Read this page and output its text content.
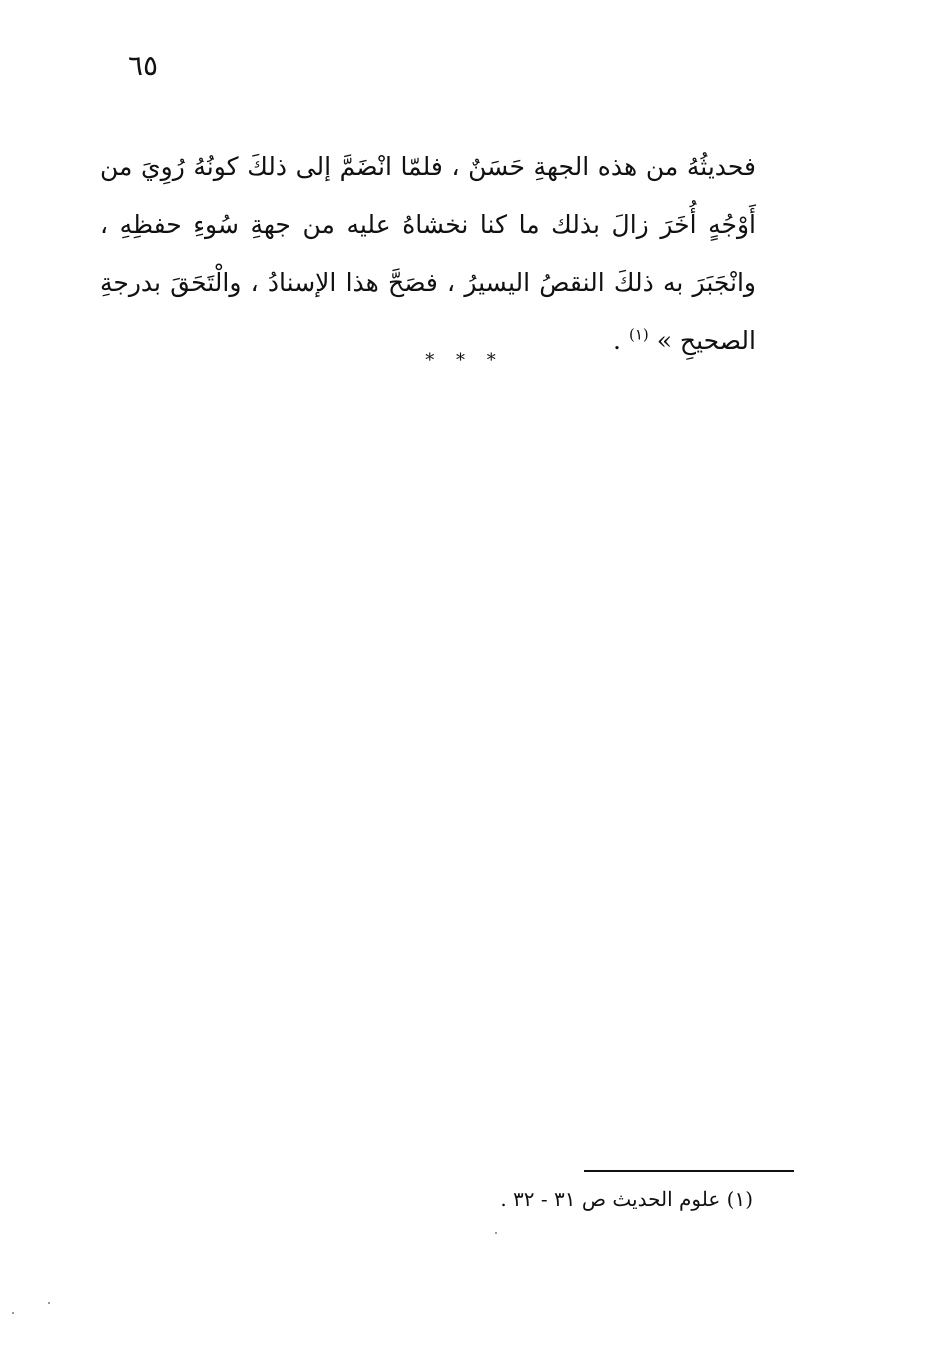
٦٥

فحديثُهُ من هذه الجهةِ حَسَنٌ ، فلمّا انْضَمَّ إلى ذلكَ كونُهُ رُوِيَ من
أَوْجُهٍ أُخَرَ زالَ بذلك ما كنا نخشاهُ عليه من جهةِ سُوءِ حفظِهِ ،
وانْجَبَرَ به ذلكَ النقصُ اليسيرُ ، فصَحَّ هذا الإسنادُ ، والْتَحَقَ بدرجةِ
الصحيحِ » $^{(١)}$ .

* * *
(١) علوم الحديث ص ٣١ - ٣٢ .
